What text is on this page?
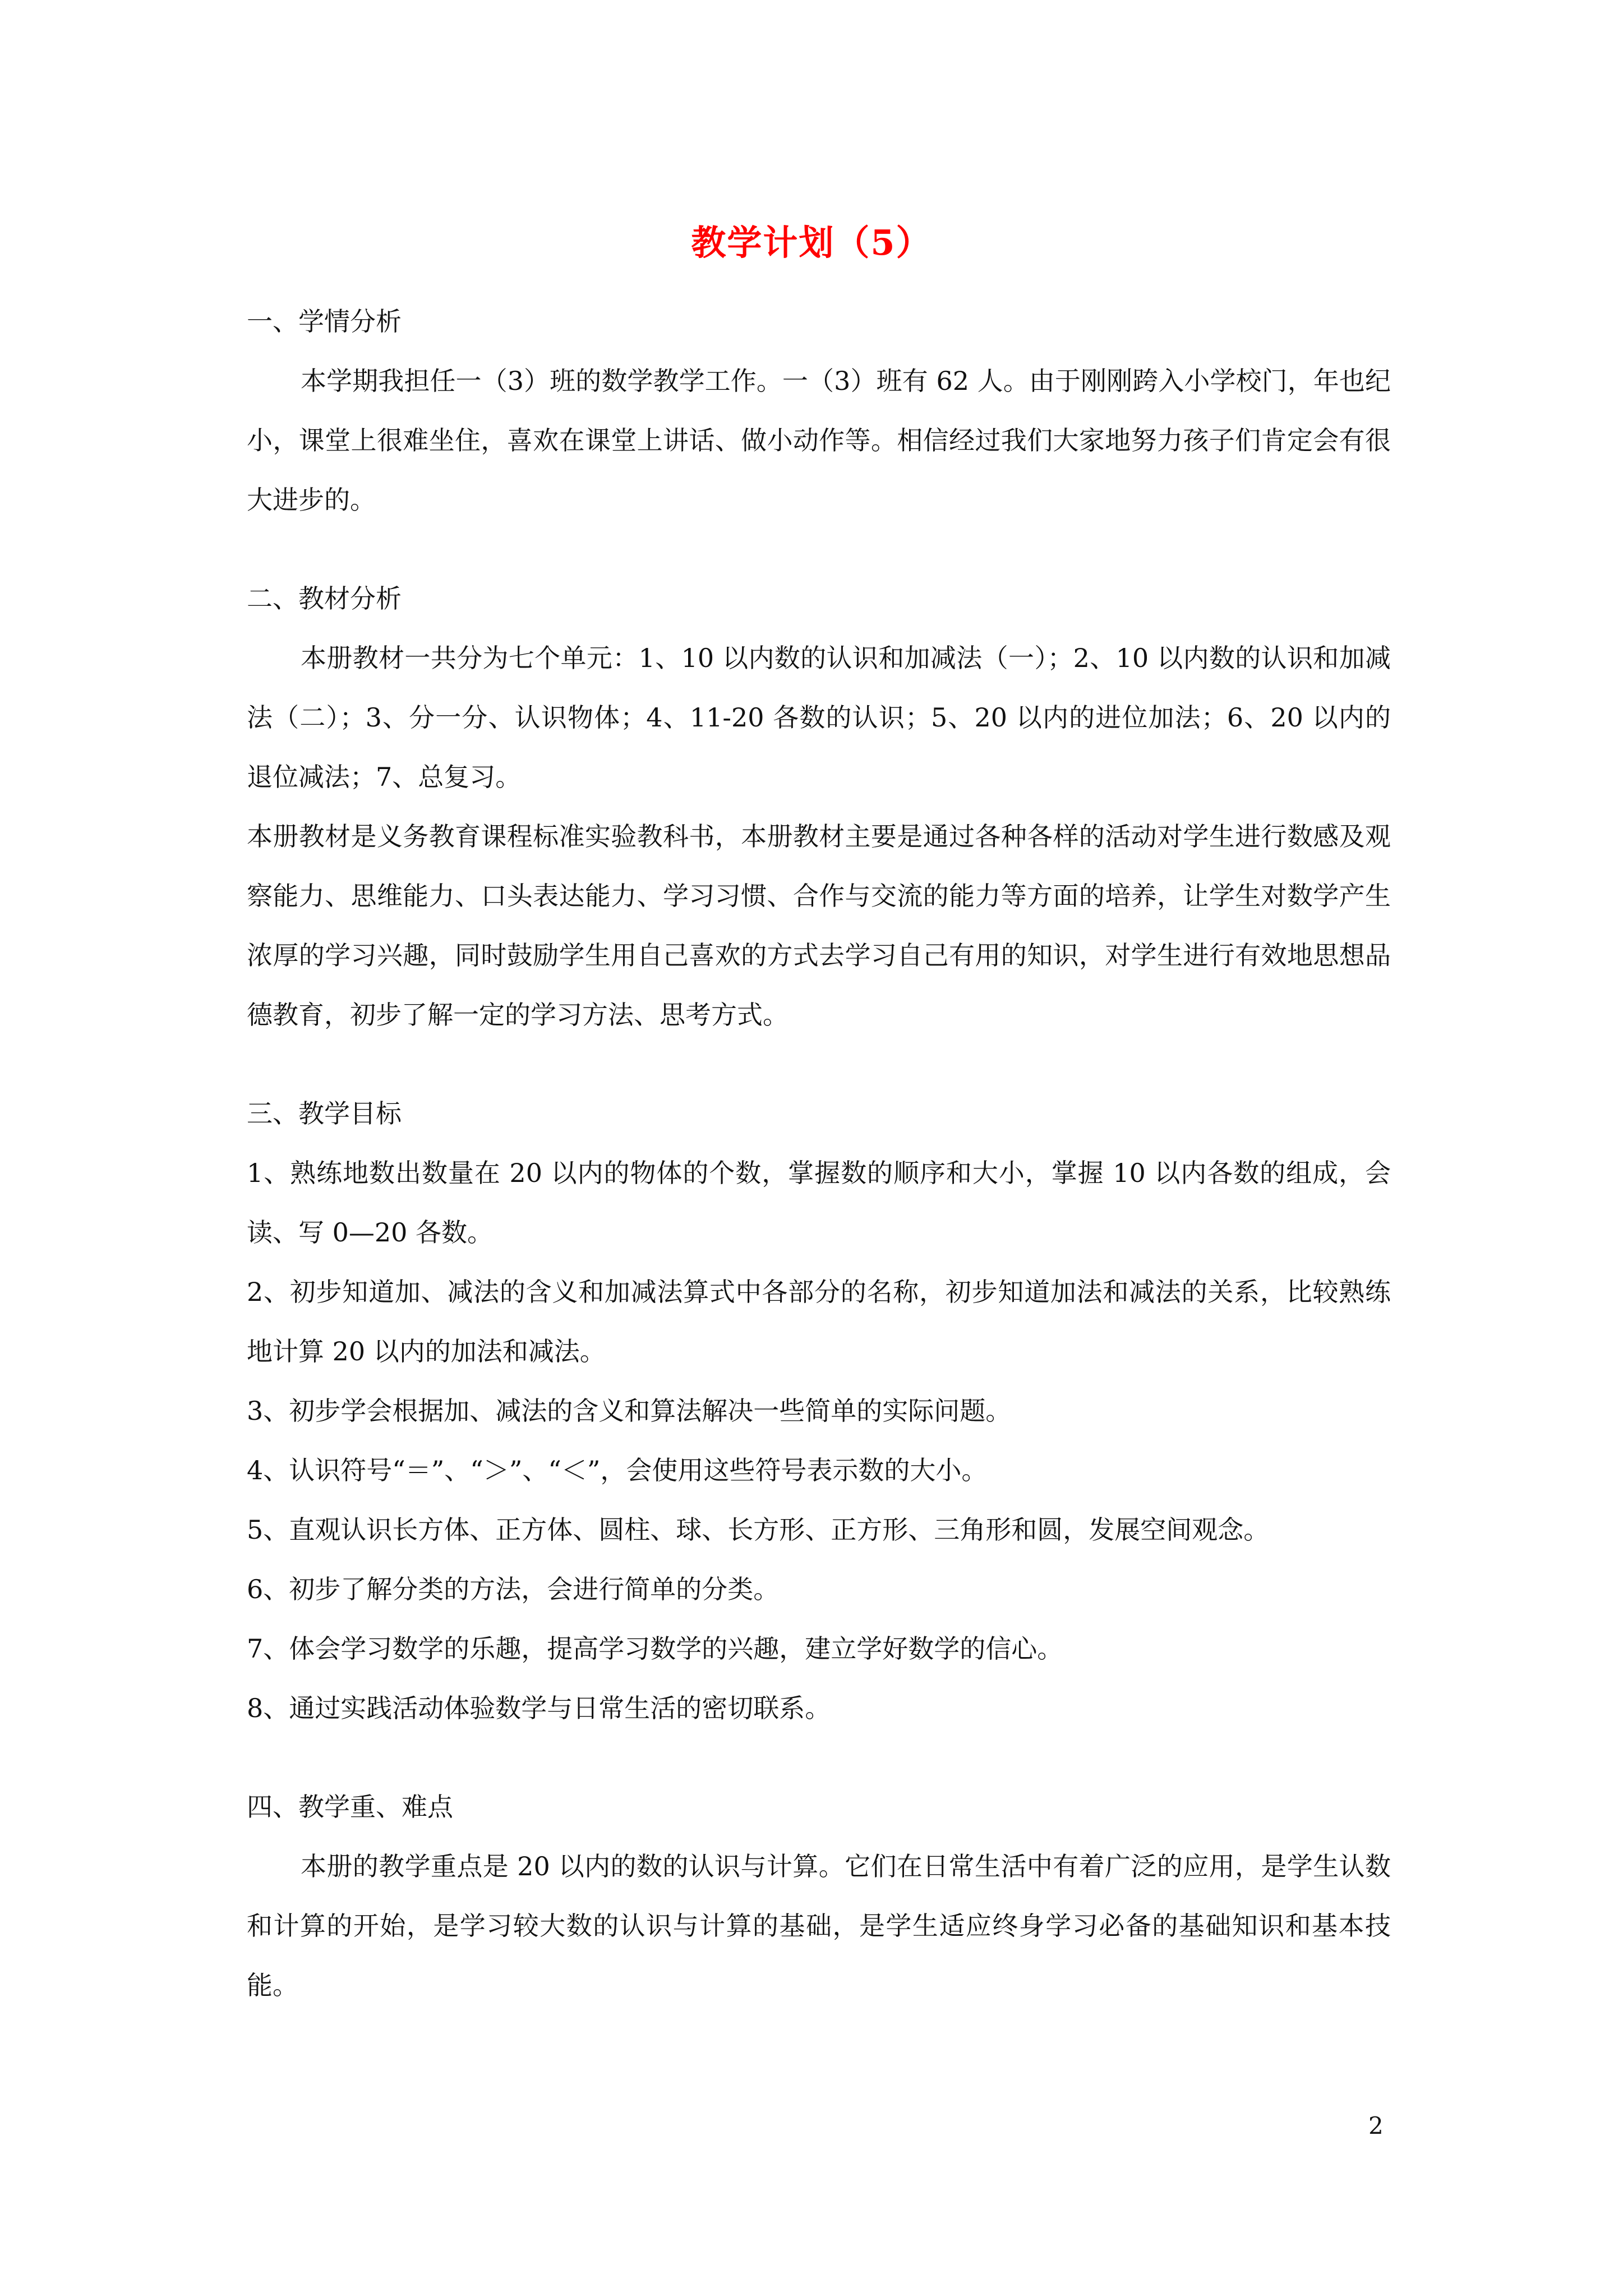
教学计划（5）

一、学情分析

本学期我担任一（3）班的数学教学工作。一（3）班有 62 人。由于刚刚跨入小学校门，年也纪小，课堂上很难坐住，喜欢在课堂上讲话、做小动作等。相信经过我们大家地努力孩子们肯定会有很大进步的。

二、教材分析

本册教材一共分为七个单元：1、10 以内数的认识和加减法（一）；2、10 以内数的认识和加减法（二）；3、分一分、认识物体；4、11-20 各数的认识；5、20 以内的进位加法；6、20 以内的退位减法；7、总复习。

本册教材是义务教育课程标准实验教科书，本册教材主要是通过各种各样的活动对学生进行数感及观察能力、思维能力、口头表达能力、学习习惯、合作与交流的能力等方面的培养，让学生对数学产生浓厚的学习兴趣，同时鼓励学生用自己喜欢的方式去学习自己有用的知识，对学生进行有效地思想品德教育，初步了解一定的学习方法、思考方式。

三、教学目标

1、熟练地数出数量在 20 以内的物体的个数，掌握数的顺序和大小，掌握 10 以内各数的组成，会读、写 0—20 各数。

2、初步知道加、减法的含义和加减法算式中各部分的名称，初步知道加法和减法的关系，比较熟练地计算 20 以内的加法和减法。

3、初步学会根据加、减法的含义和算法解决一些简单的实际问题。

4、认识符号“＝”、“＞”、“＜”，会使用这些符号表示数的大小。

5、直观认识长方体、正方体、圆柱、球、长方形、正方形、三角形和圆，发展空间观念。

6、初步了解分类的方法，会进行简单的分类。

7、体会学习数学的乐趣，提高学习数学的兴趣，建立学好数学的信心。

8、通过实践活动体验数学与日常生活的密切联系。

四、教学重、难点

本册的教学重点是 20 以内的数的认识与计算。它们在日常生活中有着广泛的应用，是学生认数和计算的开始，是学习较大数的认识与计算的基础，是学生适应终身学习必备的基础知识和基本技能。

2
